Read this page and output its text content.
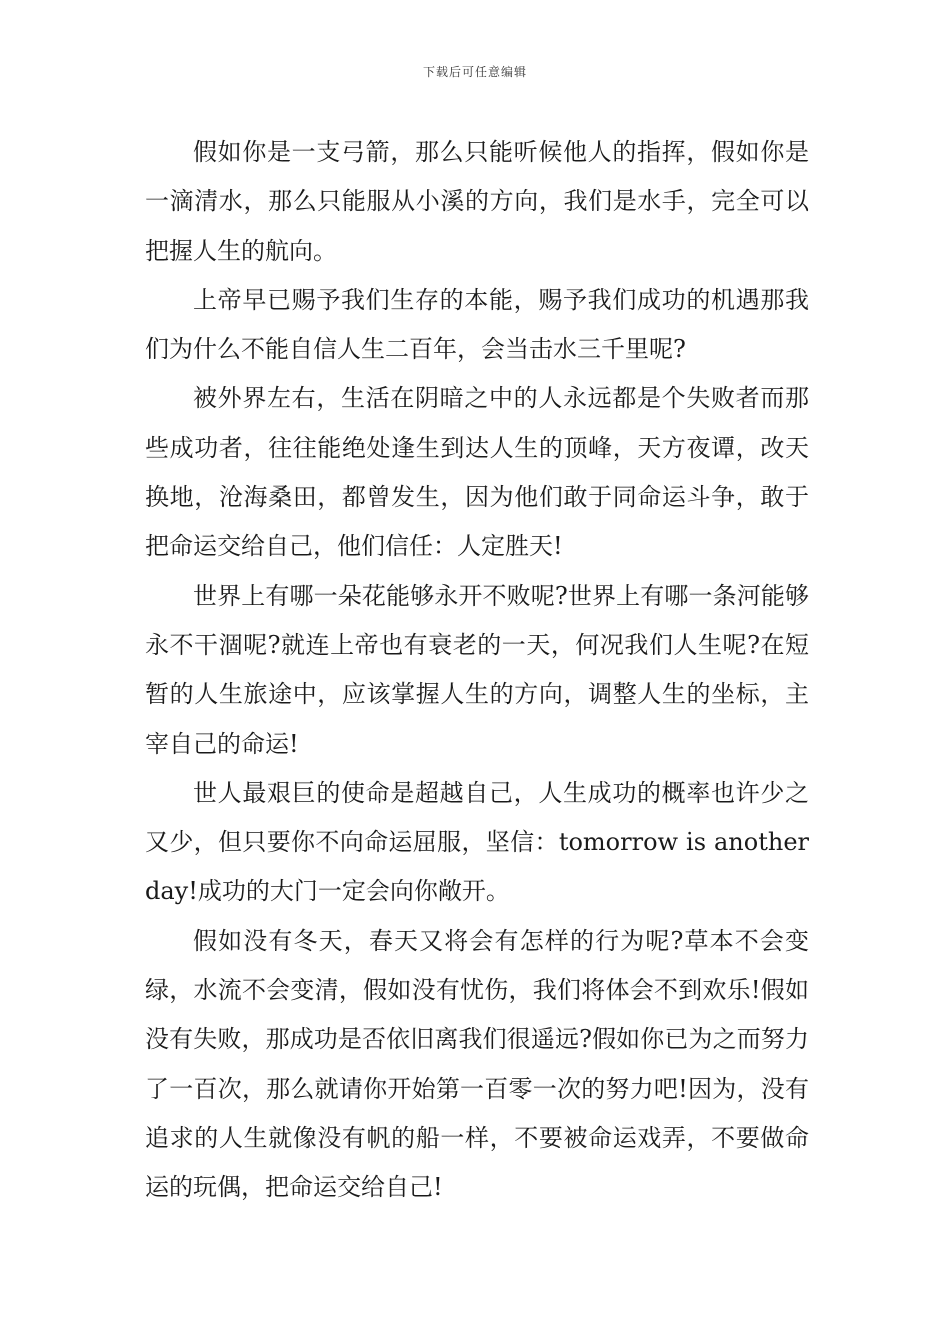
下载后可任意编辑

假如你是一支弓箭，那么只能听候他人的指挥，假如你是一滴清水，那么只能服从小溪的方向，我们是水手，完全可以把握人生的航向。

上帝早已赐予我们生存的本能，赐予我们成功的机遇那我们为什么不能自信人生二百年，会当击水三千里呢?

被外界左右，生活在阴暗之中的人永远都是个失败者而那些成功者，往往能绝处逢生到达人生的顶峰，天方夜谭，改天换地，沧海桑田，都曾发生，因为他们敢于同命运斗争，敢于把命运交给自己，他们信任：人定胜天!

世界上有哪一朵花能够永开不败呢?世界上有哪一条河能够永不干涸呢?就连上帝也有衰老的一天，何况我们人生呢?在短暂的人生旅途中，应该掌握人生的方向，调整人生的坐标，主宰自己的命运!

世人最艰巨的使命是超越自己，人生成功的概率也许少之又少，但只要你不向命运屈服，坚信：tomorrow is another day!成功的大门一定会向你敞开。

假如没有冬天，春天又将会有怎样的行为呢?草本不会变绿，水流不会变清，假如没有忧伤，我们将体会不到欢乐!假如没有失败，那成功是否依旧离我们很遥远?假如你已为之而努力了一百次，那么就请你开始第一百零一次的努力吧!因为，没有追求的人生就像没有帆的船一样，不要被命运戏弄，不要做命运的玩偶，把命运交给自己!
